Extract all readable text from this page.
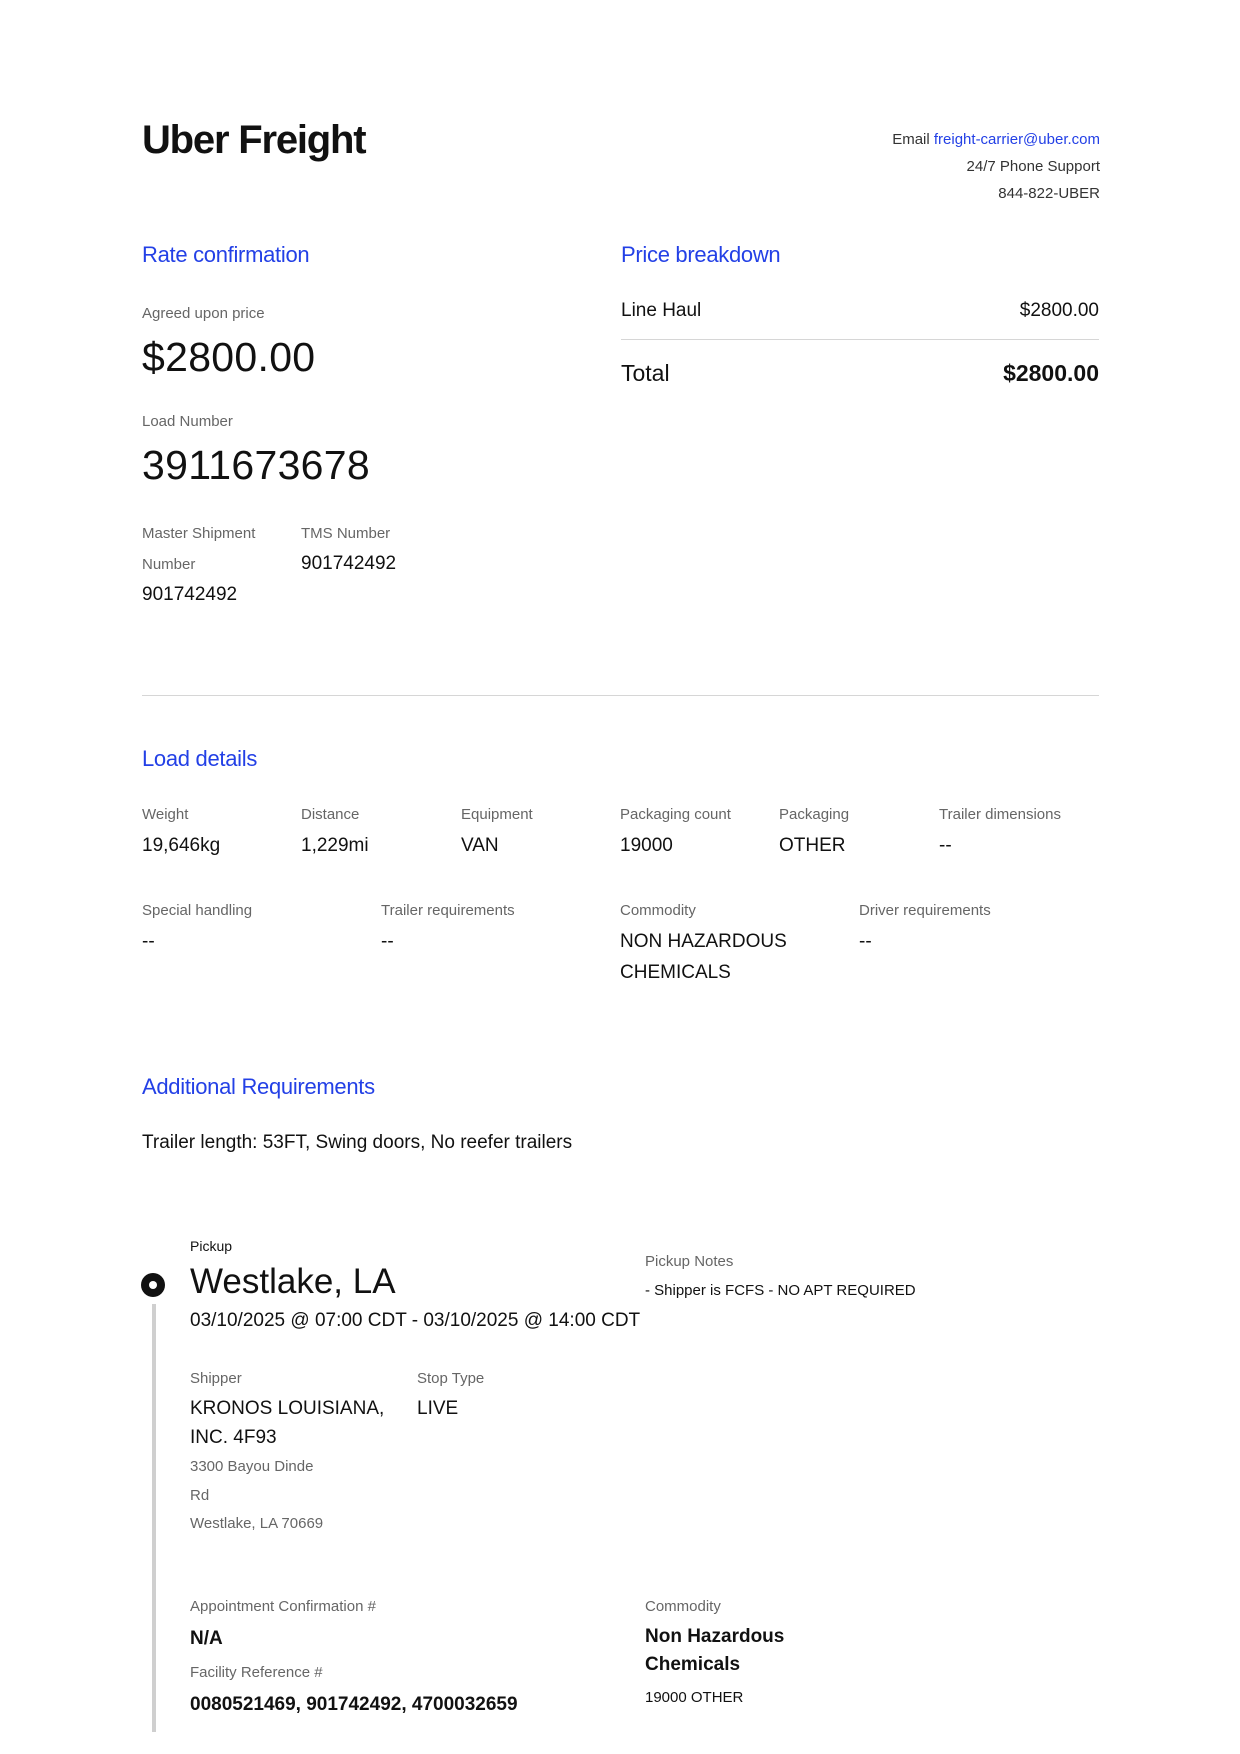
Uber Freight	Email freight-carrier@uber.com
24/7 Phone Support
844-822-UBER
Rate confirmation
Agreed upon price
$2800.00
Load Number
3911673678
Master Shipment
Number
901742492
TMS Number
901742492
Price breakdown
Line Haul	$2800.00
Total	$2800.00
Load details
Weight
19,646kg
Distance
1,229mi
Equipment
VAN
Packaging count
19000
Packaging
OTHER
Trailer dimensions
--
Special handling
--
Trailer requirements
--
Commodity
NON HAZARDOUS
CHEMICALS
Driver requirements
--
Additional Requirements
Trailer length: 53FT, Swing doors, No reefer trailers
Pickup
Westlake, LA
03/10/2025 @ 07:00 CDT - 03/10/2025 @ 14:00 CDT
Pickup Notes
- Shipper is FCFS - NO APT REQUIRED
Shipper
KRONOS LOUISIANA,
INC. 4F93
3300 Bayou Dinde
Rd
Westlake, LA 70669
Stop Type
LIVE
Appointment Confirmation #
N/A
Facility Reference #
0080521469, 901742492, 4700032659
Commodity
Non Hazardous
Chemicals
19000 OTHER
